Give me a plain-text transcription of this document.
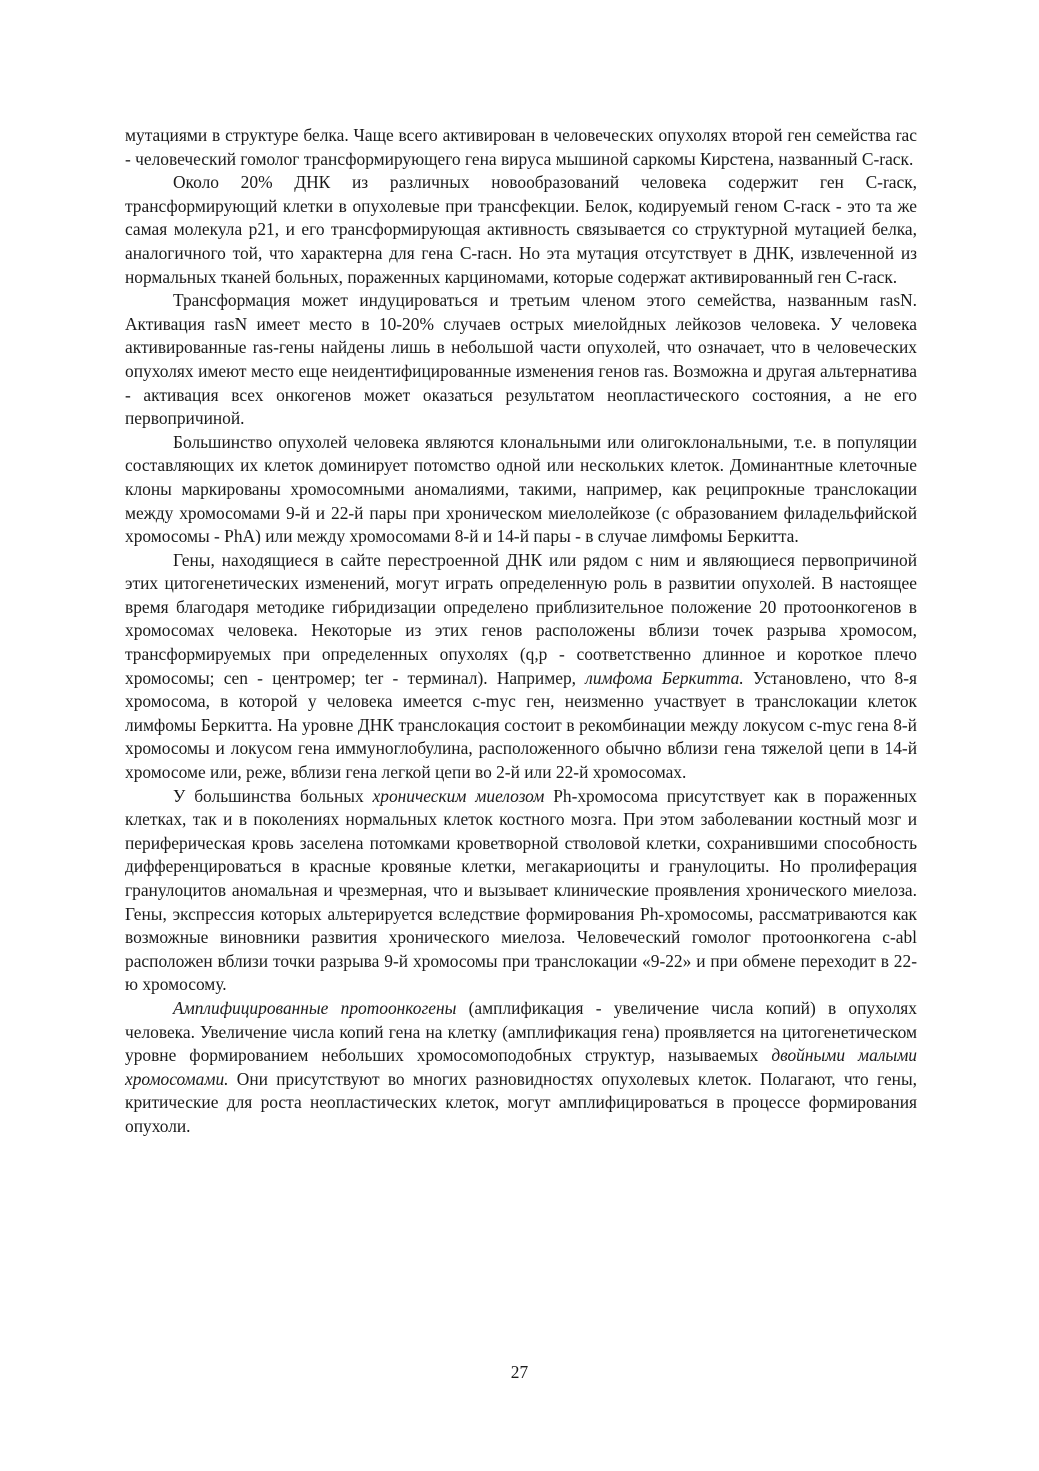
мутациями в структуре белка. Чаще всего активирован в человеческих опухолях второй ген семейства rас - человеческий гомолог трансформирующего гена вируса мышиной саркомы Кирстена, названный С-rаск.

Около 20% ДНК из различных новообразований человека содержит ген С-rаск, трансформирующий клетки в опухолевые при трансфекции. Белок, кодируемый геном С-rаск - это та же самая молекула р21, и его трансформирующая активность связывается со структурной мутацией белка, аналогичного той, что характерна для гена С-rасн. Но эта мутация отсутствует в ДНК, извлеченной из нормальных тканей больных, пораженных карциномами, которые содержат активированный ген С-rаск.

Трансформация может индуцироваться и третьим членом этого семейства, названным rasN. Активация rasN имеет место в 10-20% случаев острых миелойдных лейкозов человека. У человека активированные ras-гены найдены лишь в небольшой части опухолей, что означает, что в человеческих опухолях имеют место еще неидентифицированные изменения генов ras. Возможна и другая альтернатива - активация всех онкогенов может оказаться результатом неопластического состояния, а не его первопричиной.

Большинство опухолей человека являются клональными или олигоклональными, т.е. в популяции составляющих их клеток доминирует потомство одной или нескольких клеток. Доминантные клеточные клоны маркированы хромосомными аномалиями, такими, например, как реципрокные транслокации между хромосомами 9-й и 22-й пары при хроническом миелолейкозе (с образованием филадельфийской хромосомы - PhA) или между хромосомами 8-й и 14-й пары - в случае лимфомы Беркитта.

Гены, находящиеся в сайте перестроенной ДНК или рядом с ним и являющиеся первопричиной этих цитогенетических изменений, могут играть определенную роль в развитии опухолей. В настоящее время благодаря методике гибридизации определено приблизительное положение 20 протоонкогенов в хромосомах человека. Некоторые из этих генов расположены вблизи точек разрыва хромосом, трансформируемых при определенных опухолях (q,р - соответственно длинное и короткое плечо хромосомы; cen - центромер; ter - терминал). Например, лимфома Беркитта. Установлено, что 8-я хромосома, в которой у человека имеется с-myc ген, неизменно участвует в транслокации клеток лимфомы Беркитта. На уровне ДНК транслокация состоит в рекомбинации между локусом с-myc гена 8-й хромосомы и локусом гена иммуноглобулина, расположенного обычно вблизи гена тяжелой цепи в 14-й хромосоме или, реже, вблизи гена легкой цепи во 2-й или 22-й хромосомах.

У большинства больных хроническим миелозом Ph-хромосома присутствует как в пораженных клетках, так и в поколениях нормальных клеток костного мозга. При этом заболевании костный мозг и периферическая кровь заселена потомками кроветворной стволовой клетки, сохранившими способность дифференцироваться в красные кровяные клетки, мегакариоциты и гранулоциты. Но пролиферация гранулоцитов аномальная и чрезмерная, что и вызывает клинические проявления хронического миелоза. Гены, экспрессия которых альтерируется вследствие формирования Ph-хромосомы, рассматриваются как возможные виновники развития хронического миелоза. Человеческий гомолог протоонкогена c-abl расположен вблизи точки разрыва 9-й хромосомы при транслокации «9-22» и при обмене переходит в 22-ю хромосому.

Амплифицированные протоонкогены (амплификация - увеличение числа копий) в опухолях человека. Увеличение числа копий гена на клетку (амплификация гена) проявляется на цитогенетическом уровне формированием небольших хромосомоподобных структур, называемых двойными малыми хромосомами. Они присутствуют во многих разновидностях опухолевых клеток. Полагают, что гены, критические для роста неопластических клеток, могут амплифицироваться в процессе формирования опухоли.

27
